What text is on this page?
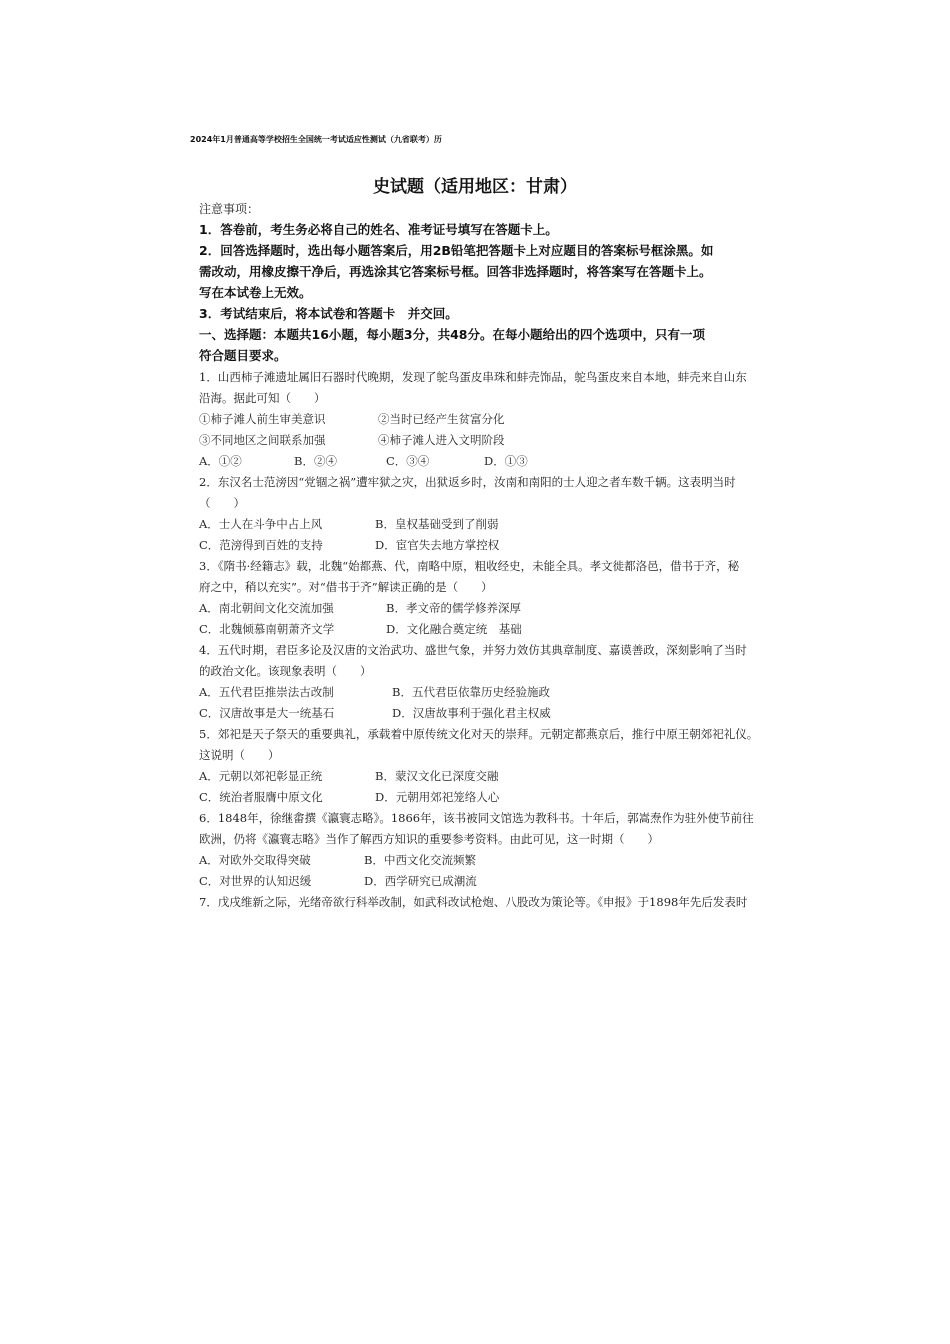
2024年1月普通高等学校招生全国统一考试适应性测试（九省联考）历
史试题（适用地区：甘肃）
注意事项：
1．答卷前，考生务必将自己的姓名、准考证号填写在答题卡上。
2．回答选择题时，选出每小题答案后，用2B铅笔把答题卡上对应题目的答案标号框涂黑。如
需改动，用橡皮擦干净后，再选涂其它答案标号框。回答非选择题时，将答案写在答题卡上。
写在本试卷上无效。
3．考试结束后，将本试卷和答题卡　并交回。
一、选择题：本题共16小题，每小题3分，共48分。在每小题给出的四个选项中，只有一项
符合题目要求。
1．山西柿子滩遗址属旧石器时代晚期，发现了鸵鸟蛋皮串珠和蚌壳饰品，鸵鸟蛋皮来自本地，蚌壳来自山东
沿海。据此可知（　　）
①柿子滩人前生审美意识	②当时已经产生贫富分化
③不同地区之间联系加强	④柿子滩人进入文明阶段
A．①②	B．②④	C．③④	D．①③
2．东汉名士范滂因“党锢之祸”遭牢狱之灾，出狱返乡时，汝南和南阳的士人迎之者车数千辆。这表明当时
（　　）
A．士人在斗争中占上风	B．皇权基础受到了削弱
C．范滂得到百姓的支持	D．宦官失去地方掌控权
3．《隋书·经籍志》载，北魏“始都燕、代，南略中原，粗收经史，未能全具。孝文徙都洛邑，借书于齐，秘
府之中，稍以充实”。对“借书于齐”解读正确的是（　　）
A．南北朝间文化交流加强	B．孝文帝的儒学修养深厚
C．北魏倾慕南朝萧齐文学	D．文化融合奠定统　基础
4．五代时期，君臣多论及汉唐的文治武功、盛世气象，并努力效仿其典章制度、嘉谟善政，深刻影响了当时
的政治文化。该现象表明（　　）
A．五代君臣推崇法古改制	B．五代君臣依靠历史经验施政
C．汉唐故事是大一统基石	D．汉唐故事利于强化君主权威
5．郊祀是天子祭天的重要典礼，承载着中原传统文化对天的崇拜。元朝定都燕京后，推行中原王朝郊祀礼仪。
这说明（　　）
A．元朝以郊祀彰显正统	B．蒙汉文化已深度交融
C．统治者服膺中原文化	D．元朝用郊祀笼络人心
6．1848年，徐继畬撰《瀛寰志略》。1866年，该书被同文馆选为教科书。十年后，郭嵩焘作为驻外使节前往
欧洲，仍将《瀛寰志略》当作了解西方知识的重要参考资料。由此可见，这一时期（　　）
A．对欧外交取得突破	B．中西文化交流频繁
C．对世界的认知迟缓	D．西学研究已成潮流
7．戊戌维新之际，光绪帝欲行科举改制，如武科改试枪炮、八股改为策论等。《申报》于1898年先后发表时
